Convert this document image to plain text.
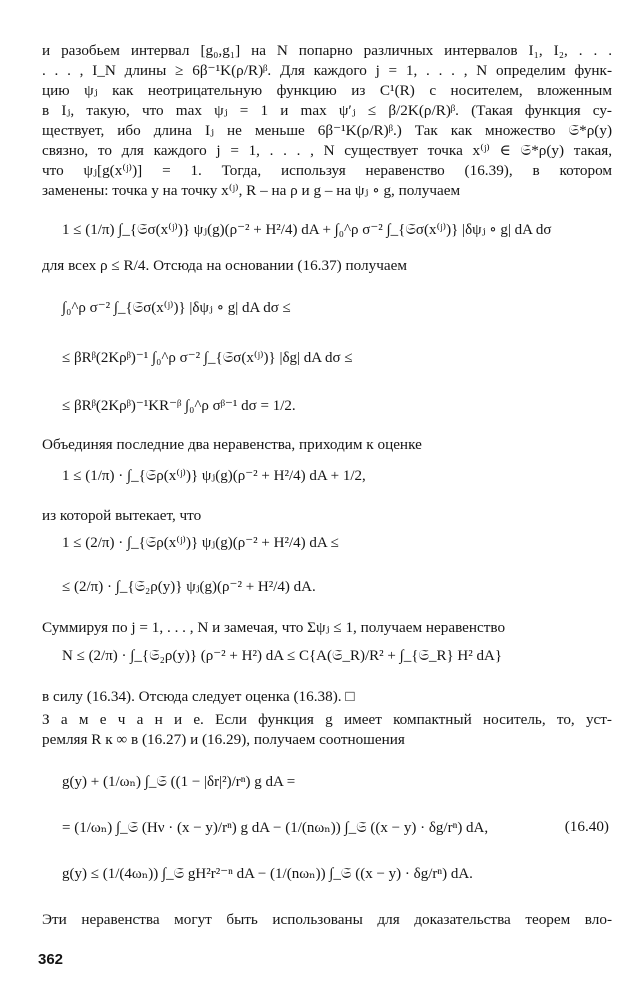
и разобьем интервал [g₀,g₁] на N попарно различных интервалов I₁, I₂, . . .
. . . , I_N длины ≥ 6β⁻¹K(ρ/R)ᵝ. Для каждого j = 1, . . . , N определим функ-
цию ψⱼ как неотрицательную функцию из C¹(R) с носителем, вложенным
в Iⱼ, такую, что max ψⱼ = 1 и max ψ′ⱼ ≤ β/2K(ρ/R)ᵝ. (Такая функция су-
ществует, ибо длина Iⱼ не меньше 6β⁻¹K(ρ/R)ᵝ.) Так как множество 𝔖*ρ(y)
связно, то для каждого j = 1, . . . , N существует точка x⁽ʲ⁾ ∈ 𝔖*ρ(y) такая,
что ψⱼ[g(x⁽ʲ⁾)] = 1. Тогда, используя неравенство (16.39), в котором
заменены: точка y на точку x⁽ʲ⁾, R – на ρ и g – на ψⱼ ∘ g, получаем
1 ≤ (1/π) ∫_{𝔖σ(x⁽ʲ⁾)} ψⱼ(g)(ρ⁻² + H²/4) dA + ∫₀^ρ σ⁻² ∫_{𝔖σ(x⁽ʲ⁾)} |δψⱼ ∘ g| dA dσ
для всех ρ ≤ R/4. Отсюда на основании (16.37) получаем
∫₀^ρ σ⁻² ∫_{𝔖σ(x⁽ʲ⁾)} |δψⱼ ∘ g| dA dσ ≤
≤ βRᵝ(2Kρᵝ)⁻¹ ∫₀^ρ σ⁻² ∫_{𝔖σ(x⁽ʲ⁾)} |δg| dA dσ ≤
≤ βRᵝ(2Kρᵝ)⁻¹KR⁻ᵝ ∫₀^ρ σᵝ⁻¹ dσ = 1/2.
Объединяя последние два неравенства, приходим к оценке
1 ≤ (1/π) · ∫_{𝔖ρ(x⁽ʲ⁾)} ψⱼ(g)(ρ⁻² + H²/4) dA + 1/2,
из которой вытекает, что
1 ≤ (2/π) · ∫_{𝔖ρ(x⁽ʲ⁾)} ψⱼ(g)(ρ⁻² + H²/4) dA ≤
≤ (2/π) · ∫_{𝔖₂ρ(y)} ψⱼ(g)(ρ⁻² + H²/4) dA.
Суммируя по j = 1, . . . , N и замечая, что Σψⱼ ≤ 1, получаем неравенство
N ≤ (2/π) · ∫_{𝔖₂ρ(y)} (ρ⁻² + H²) dA ≤ C{A(𝔖_R)/R² + ∫_{𝔖_R} H² dA}
в силу (16.34). Отсюда следует оценка (16.38). □
З а м е ч а н и е. Если функция g имеет компактный носитель, то, уст-
ремляя R к ∞ в (16.27) и (16.29), получаем соотношения
g(y) + (1/ωₙ) ∫_𝔖 ((1 − |δr|²)/rⁿ) g dA =
= (1/ωₙ) ∫_𝔖 (Hν · (x − y)/rⁿ) g dA − (1/(nωₙ)) ∫_𝔖 ((x − y) · δg/rⁿ) dA,	(16.40)
g(y) ≤ (1/(4ωₙ)) ∫_𝔖 gH²r²⁻ⁿ dA − (1/(nωₙ)) ∫_𝔖 ((x − y) · δg/rⁿ) dA.
Эти неравенства могут быть использованы для доказательства теорем вло-
362
